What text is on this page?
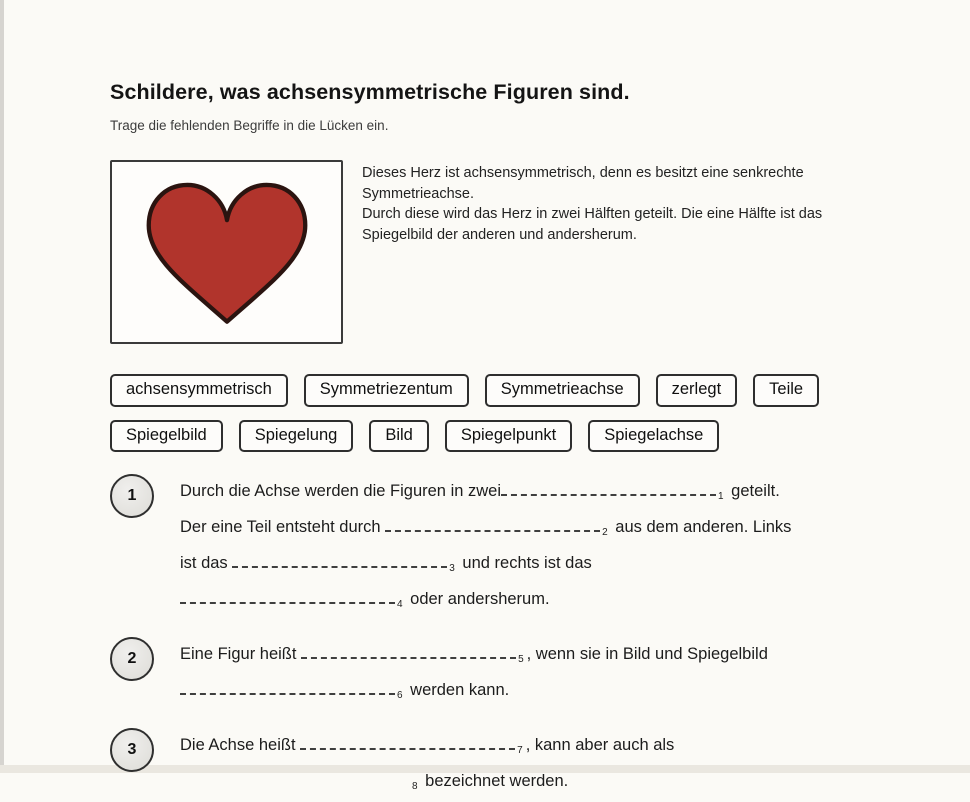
Schildere, was achsensymmetrische Figuren sind.
Trage die fehlenden Begriffe in die Lücken ein.
Dieses Herz ist achsensymmetrisch, denn es besitzt eine senkrechte
Symmetrieachse.
Durch diese wird das Herz in zwei Hälften geteilt. Die eine Hälfte ist das
Spiegelbild der anderen und andersherum.
achsensymmetrisch	Symmetriezentum	Symmetrieachse	zerlegt	Teile
Spiegelbild	Spiegelung	Bild	Spiegelpunkt	Spiegelachse
1	Durch die Achse werden die Figuren in zwei	1 geteilt.
Der eine Teil entsteht durch	2 aus dem anderen. Links
ist das	3 und rechts ist das
4 oder andersherum.
2	Eine Figur heißt	5 , wenn sie in Bild und Spiegelbild
6 werden kann.
3	Die Achse heißt	7 , kann aber auch als
8 bezeichnet werden.
